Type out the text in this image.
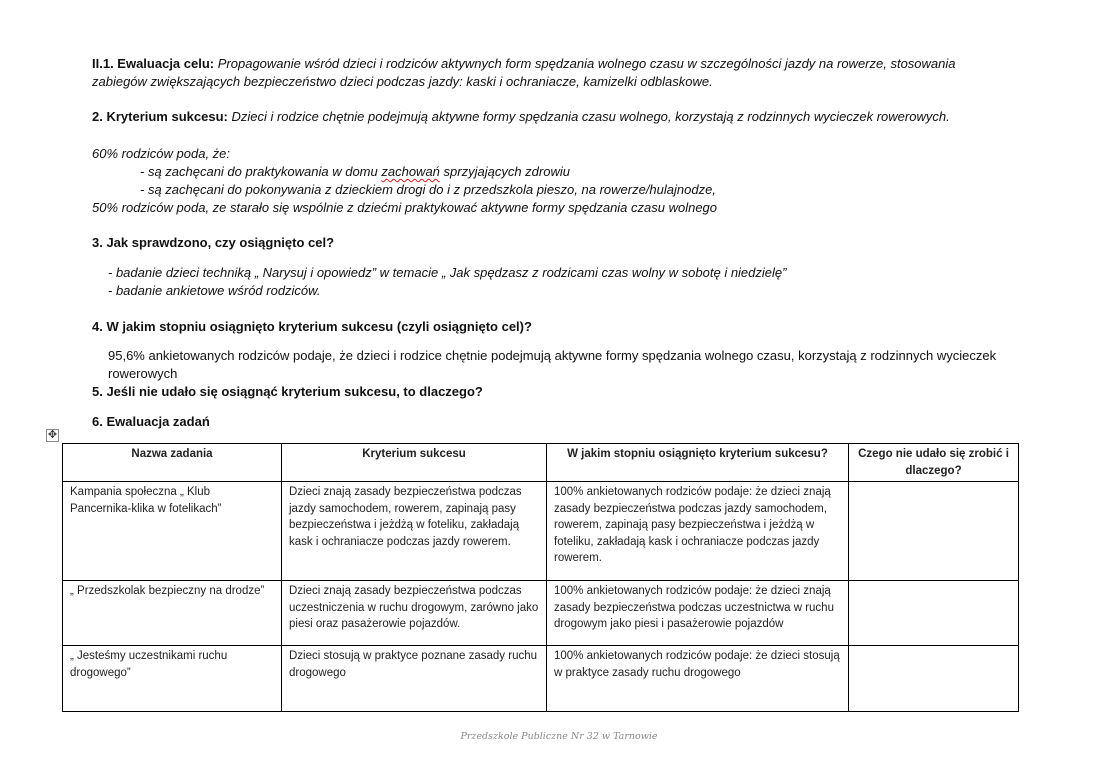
II.1. Ewaluacja celu: Propagowanie wśród dzieci i rodziców aktywnych form spędzania wolnego czasu w szczególności jazdy na rowerze, stosowania
zabiegów zwiększających bezpieczeństwo dzieci podczas jazdy: kaski i ochraniacze, kamizelki odblaskowe.
2. Kryterium sukcesu: Dzieci i rodzice chętnie podejmują aktywne formy spędzania czasu wolnego, korzystają z rodzinnych wycieczek rowerowych.
60% rodziców poda, że:
- są zachęcani do praktykowania w domu zachowań sprzyjających zdrowiu
- są zachęcani do pokonywania z dzieckiem drogi do i z przedszkola pieszo, na rowerze/hulajnodze,
50% rodziców poda, ze starało się wspólnie z dziećmi praktykować aktywne formy spędzania czasu wolnego
3. Jak sprawdzono, czy osiągnięto cel?
- badanie dzieci techniką „ Narysuj i opowiedz” w temacie „ Jak spędzasz z rodzicami czas wolny w sobotę i niedzielę”
- badanie ankietowe wśród rodziców.
4. W jakim stopniu osiągnięto kryterium sukcesu (czyli osiągnięto cel)?
95,6% ankietowanych rodziców podaje, że dzieci i rodzice chętnie podejmują aktywne formy spędzania wolnego czasu, korzystają z rodzinnych wycieczek
rowerowych
5. Jeśli nie udało się osiągnąć kryterium sukcesu, to dlaczego?
6. Ewaluacja zadań
✥
Nazwa zadania	Kryterium sukcesu	W jakim stopniu osiągnięto kryterium sukcesu?	Czego nie udało się zrobić i dlaczego?
Kampania społeczna „ Klub Pancernika-klika w fotelikach”	Dzieci znają zasady bezpieczeństwa podczas jazdy samochodem, rowerem, zapinają pasy bezpieczeństwa i jeżdżą w foteliku, zakładają kask i ochraniacze podczas jazdy rowerem.	100% ankietowanych rodziców podaje: że dzieci znają zasady bezpieczeństwa podczas jazdy samochodem, rowerem, zapinają pasy bezpieczeństwa i jeżdżą w foteliku, zakładają kask i ochraniacze podczas jazdy rowerem.	
„ Przedszkolak bezpieczny na drodze”	Dzieci znają zasady bezpieczeństwa podczas uczestniczenia w ruchu drogowym, zarówno jako piesi oraz pasażerowie pojazdów.	100% ankietowanych rodziców podaje: że dzieci znają zasady bezpieczeństwa podczas uczestnictwa w ruchu drogowym jako piesi i pasażerowie pojazdów	
„ Jesteśmy uczestnikami ruchu drogowego”	Dzieci stosują w praktyce poznane zasady ruchu drogowego	100% ankietowanych rodziców podaje: że dzieci stosują w praktyce zasady ruchu drogowego	
Przedszkole Publiczne Nr 32 w Tarnowie
